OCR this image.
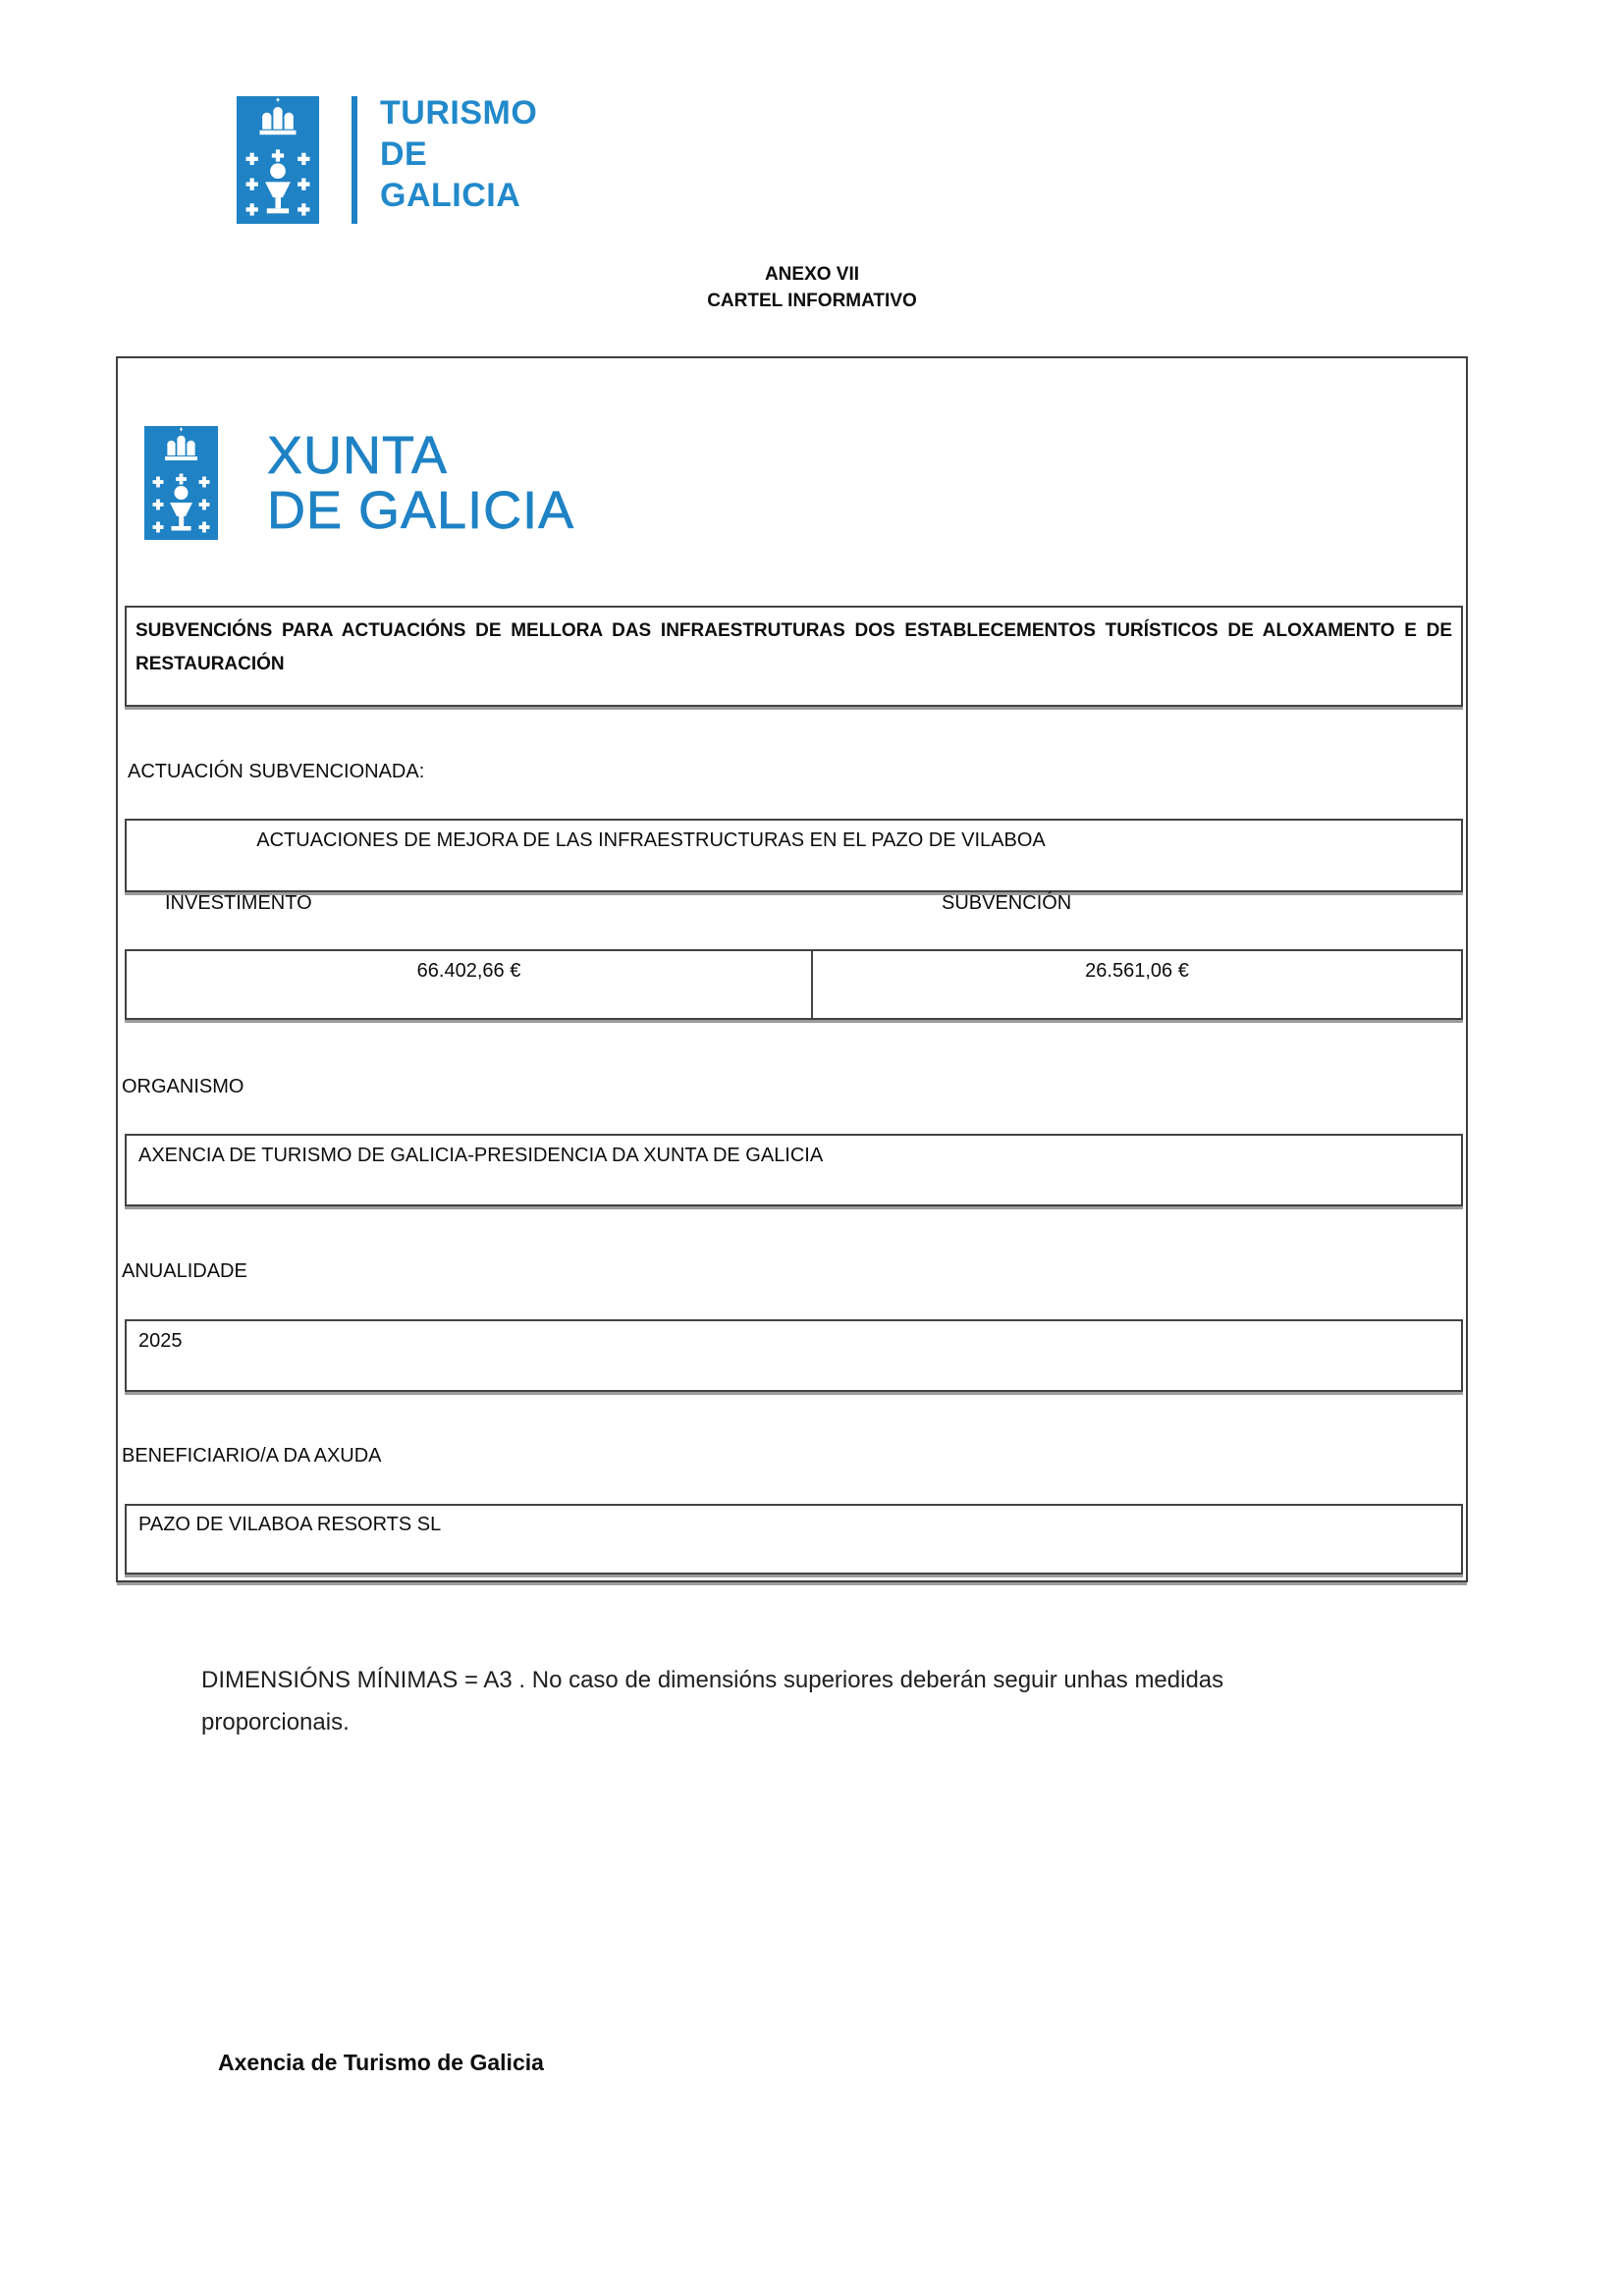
TURISMO
DE
GALICIA
ANEXO VII
CARTEL INFORMATIVO
XUNTA
DE GALICIA
SUBVENCIÓNS PARA ACTUACIÓNS DE MELLORA DAS INFRAESTRUTURAS DOS ESTABLECEMENTOS TURÍSTICOS DE ALOXAMENTO E DE RESTAURACIÓN
ACTUACIÓN SUBVENCIONADA:
ACTUACIONES DE MEJORA DE LAS INFRAESTRUCTURAS EN EL PAZO DE VILABOA
INVESTIMENTO	SUBVENCIÓN
66.402,66 €	26.561,06 €
ORGANISMO
AXENCIA DE TURISMO DE GALICIA-PRESIDENCIA DA XUNTA DE GALICIA
ANUALIDADE
2025
BENEFICIARIO/A DA AXUDA
PAZO DE VILABOA RESORTS SL
DIMENSIÓNS MÍNIMAS = A3 . No caso de dimensións superiores deberán seguir unhas medidas proporcionais.
Axencia de Turismo de Galicia
